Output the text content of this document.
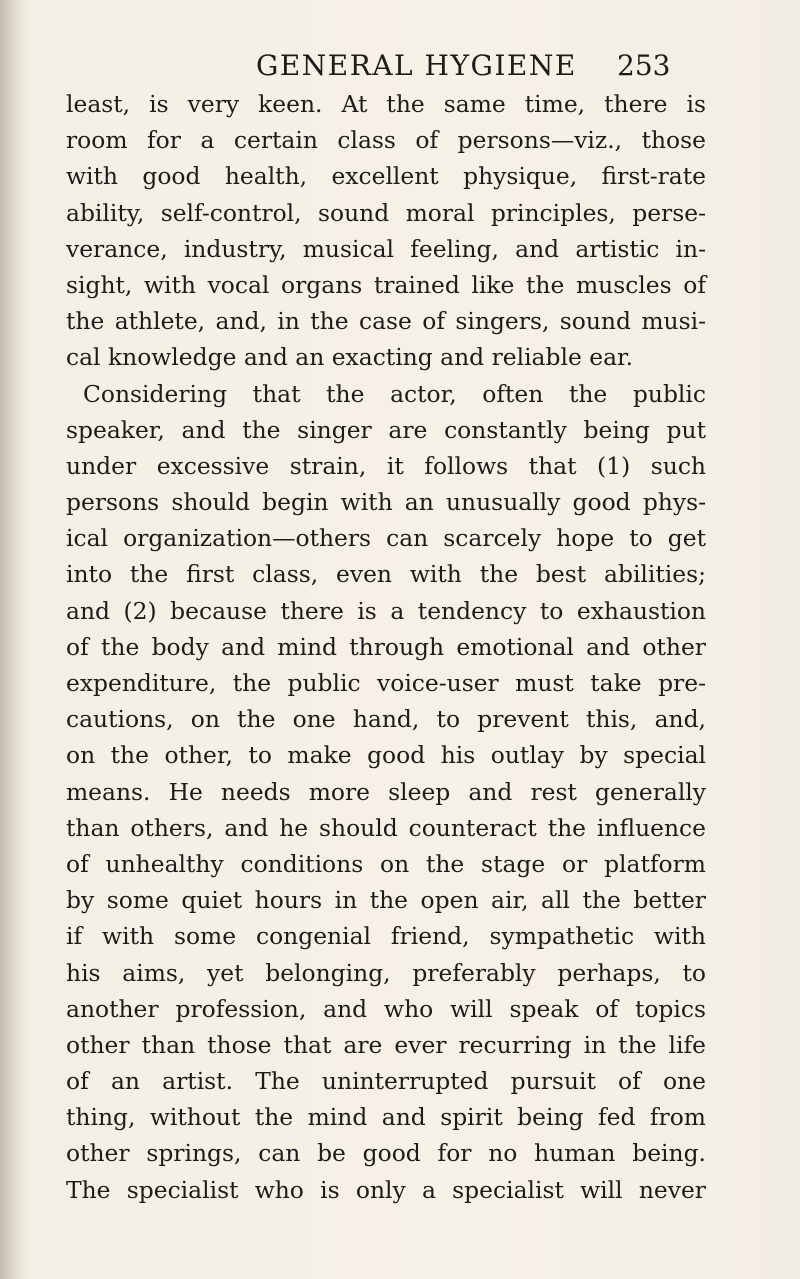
GENERAL HYGIENE 253
least, is very keen. At the same time, there is
room for a certain class of persons—viz., those
with good health, excellent physique, first-rate
ability, self-control, sound moral principles, perse-
verance, industry, musical feeling, and artistic in-
sight, with vocal organs trained like the muscles of
the athlete, and, in the case of singers, sound musi-
cal knowledge and an exacting and reliable ear.
Considering that the actor, often the public
speaker, and the singer are constantly being put
under excessive strain, it follows that (1) such
persons should begin with an unusually good phys-
ical organization—others can scarcely hope to get
into the first class, even with the best abilities;
and (2) because there is a tendency to exhaustion
of the body and mind through emotional and other
expenditure, the public voice-user must take pre-
cautions, on the one hand, to prevent this, and,
on the other, to make good his outlay by special
means. He needs more sleep and rest generally
than others, and he should counteract the influence
of unhealthy conditions on the stage or platform
by some quiet hours in the open air, all the better
if with some congenial friend, sympathetic with
his aims, yet belonging, preferably perhaps, to
another profession, and who will speak of topics
other than those that are ever recurring in the life
of an artist. The uninterrupted pursuit of one
thing, without the mind and spirit being fed from
other springs, can be good for no human being.
The specialist who is only a specialist will never
